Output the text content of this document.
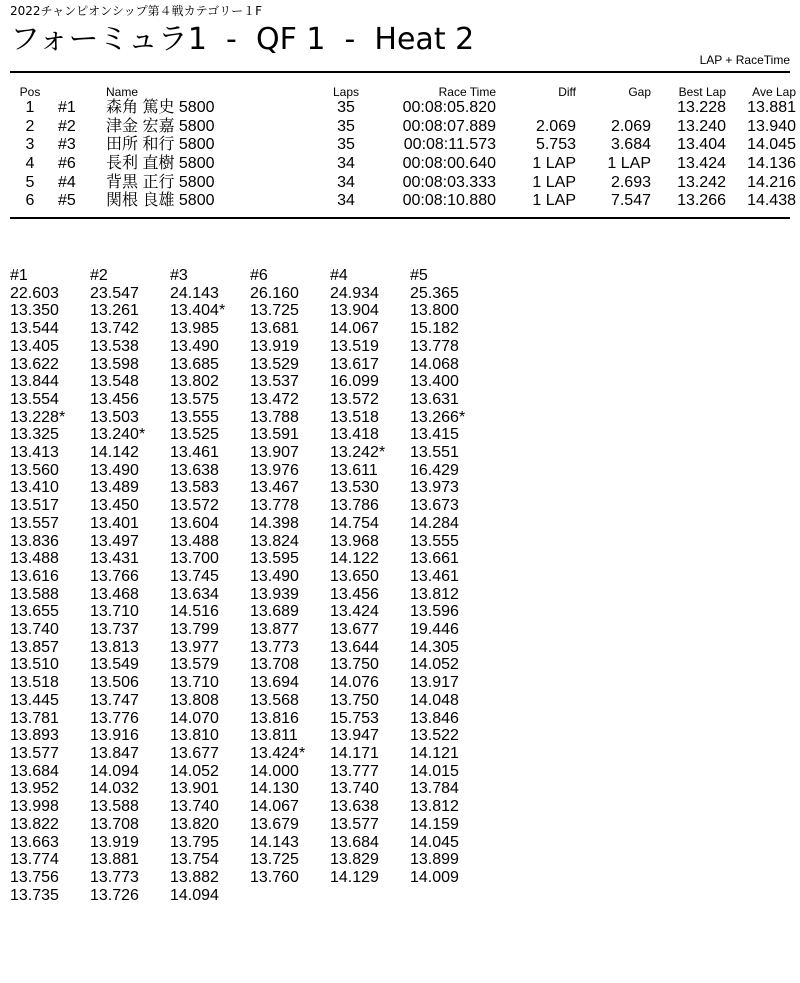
2022チャンピオンシップ第４戦カテゴリー１F
フォーミュラ1  -  QF 1  -  Heat 2
LAP + RaceTime
Pos		Name	Laps	Race Time	Diff	Gap	Best Lap	Ave Lap
1	#1	森角 篤史 5800	35	00:08:05.820			13.228	13.881
2	#2	津金 宏嘉 5800	35	00:08:07.889	2.069	2.069	13.240	13.940
3	#3	田所 和行 5800	35	00:08:11.573	5.753	3.684	13.404	14.045
4	#6	長利 直樹 5800	34	00:08:00.640	1 LAP	1 LAP	13.424	14.136
5	#4	背黒 正行 5800	34	00:08:03.333	1 LAP	2.693	13.242	14.216
6	#5	関根 良雄 5800	34	00:08:10.880	1 LAP	7.547	13.266	14.438
#1	#2	#3	#6	#4	#5
22.603	23.547	24.143	26.160	24.934	25.365
13.350	13.261	13.404*	13.725	13.904	13.800
13.544	13.742	13.985	13.681	14.067	15.182
13.405	13.538	13.490	13.919	13.519	13.778
13.622	13.598	13.685	13.529	13.617	14.068
13.844	13.548	13.802	13.537	16.099	13.400
13.554	13.456	13.575	13.472	13.572	13.631
13.228*	13.503	13.555	13.788	13.518	13.266*
13.325	13.240*	13.525	13.591	13.418	13.415
13.413	14.142	13.461	13.907	13.242*	13.551
13.560	13.490	13.638	13.976	13.611	16.429
13.410	13.489	13.583	13.467	13.530	13.973
13.517	13.450	13.572	13.778	13.786	13.673
13.557	13.401	13.604	14.398	14.754	14.284
13.836	13.497	13.488	13.824	13.968	13.555
13.488	13.431	13.700	13.595	14.122	13.661
13.616	13.766	13.745	13.490	13.650	13.461
13.588	13.468	13.634	13.939	13.456	13.812
13.655	13.710	14.516	13.689	13.424	13.596
13.740	13.737	13.799	13.877	13.677	19.446
13.857	13.813	13.977	13.773	13.644	14.305
13.510	13.549	13.579	13.708	13.750	14.052
13.518	13.506	13.710	13.694	14.076	13.917
13.445	13.747	13.808	13.568	13.750	14.048
13.781	13.776	14.070	13.816	15.753	13.846
13.893	13.916	13.810	13.811	13.947	13.522
13.577	13.847	13.677	13.424*	14.171	14.121
13.684	14.094	14.052	14.000	13.777	14.015
13.952	14.032	13.901	14.130	13.740	13.784
13.998	13.588	13.740	14.067	13.638	13.812
13.822	13.708	13.820	13.679	13.577	14.159
13.663	13.919	13.795	14.143	13.684	14.045
13.774	13.881	13.754	13.725	13.829	13.899
13.756	13.773	13.882	13.760	14.129	14.009
13.735	13.726	14.094			
